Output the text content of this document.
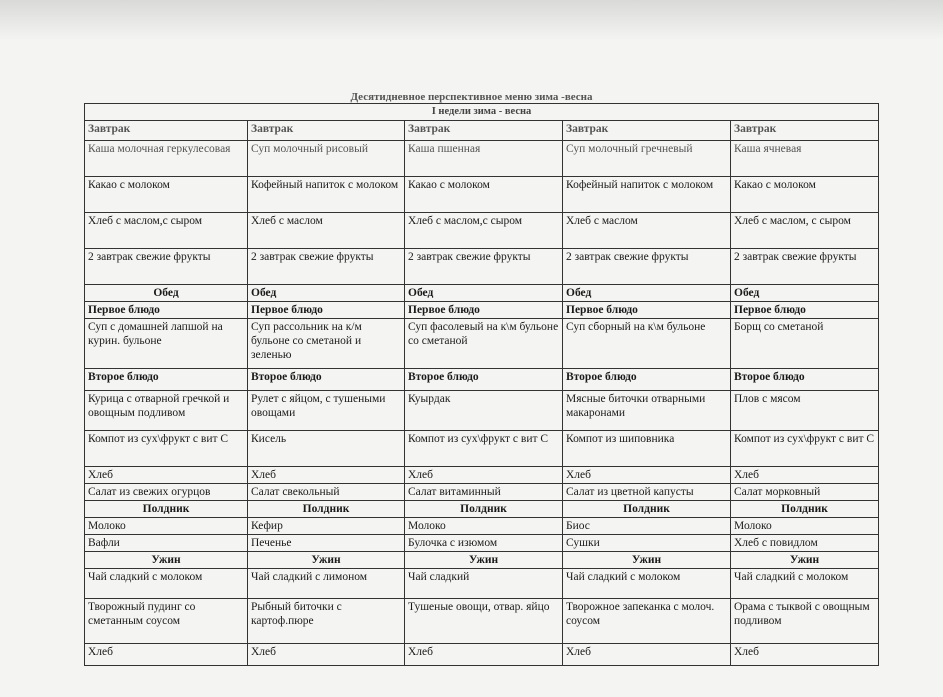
Десятидневное перспективное меню зима -весна
I недели зима - весна				
Завтрак	Завтрак	Завтрак	Завтрак	Завтрак
Каша молочная геркулесовая	Суп молочный рисовый	Каша пшенная	Суп молочный гречневый	Каша ячневая
Какао с молоком	Кофейный напиток с молоком	Какао с молоком	Кофейный напиток с молоком	Какао с молоком
Хлеб с маслом,с сыром	Хлеб с маслом	Хлеб с маслом,с сыром	Хлеб с маслом	Хлеб с маслом, с сыром
2 завтрак свежие фрукты	2 завтрак свежие фрукты	2 завтрак свежие фрукты	2 завтрак свежие фрукты	2 завтрак свежие фрукты
Обед	Обед	Обед	Обед	Обед
Первое блюдо	Первое блюдо	Первое блюдо	Первое блюдо	Первое блюдо
Суп с домашней лапшой на курин. бульоне	Суп рассольник на к/м бульоне со сметаной и зеленью	Суп фасолевый на к\м бульоне со сметаной	Суп сборный на к\м бульоне	Борщ со сметаной
Второе блюдо	Второе блюдо	Второе блюдо	Второе блюдо	Второе блюдо
Курица с отварной гречкой и овощным подливом	Рулет с яйцом, с тушеными овощами	Куырдак	Мясные биточки отварными макаронами	Плов с мясом
Компот из сух\фрукт с вит С	Кисель	Компот из сух\фрукт с вит С	Компот из шиповника	Компот из сух\фрукт с вит С
Хлеб	Хлеб	Хлеб	Хлеб	Хлеб
Салат из свежих огурцов	Салат свекольный	Салат витаминный	Салат из цветной капусты	Салат морковный
Полдник	Полдник	Полдник	Полдник	Полдник
Молоко	Кефир	Молоко	Биос	Молоко
Вафли	Печенье	Булочка с изюмом	Сушки	Хлеб с повидлом
Ужин	Ужин	Ужин	Ужин	Ужин
Чай сладкий с молоком	Чай сладкий с лимоном	Чай сладкий	Чай сладкий с молоком	Чай сладкий с молоком
Творожный пудинг со сметанным соусом	Рыбный биточки с картоф.пюре	Тушеные овощи, отвар. яйцо	Творожное запеканка с молоч. соусом	Орама с тыквой с овощным подливом
Хлеб	Хлеб	Хлеб	Хлеб	Хлеб
